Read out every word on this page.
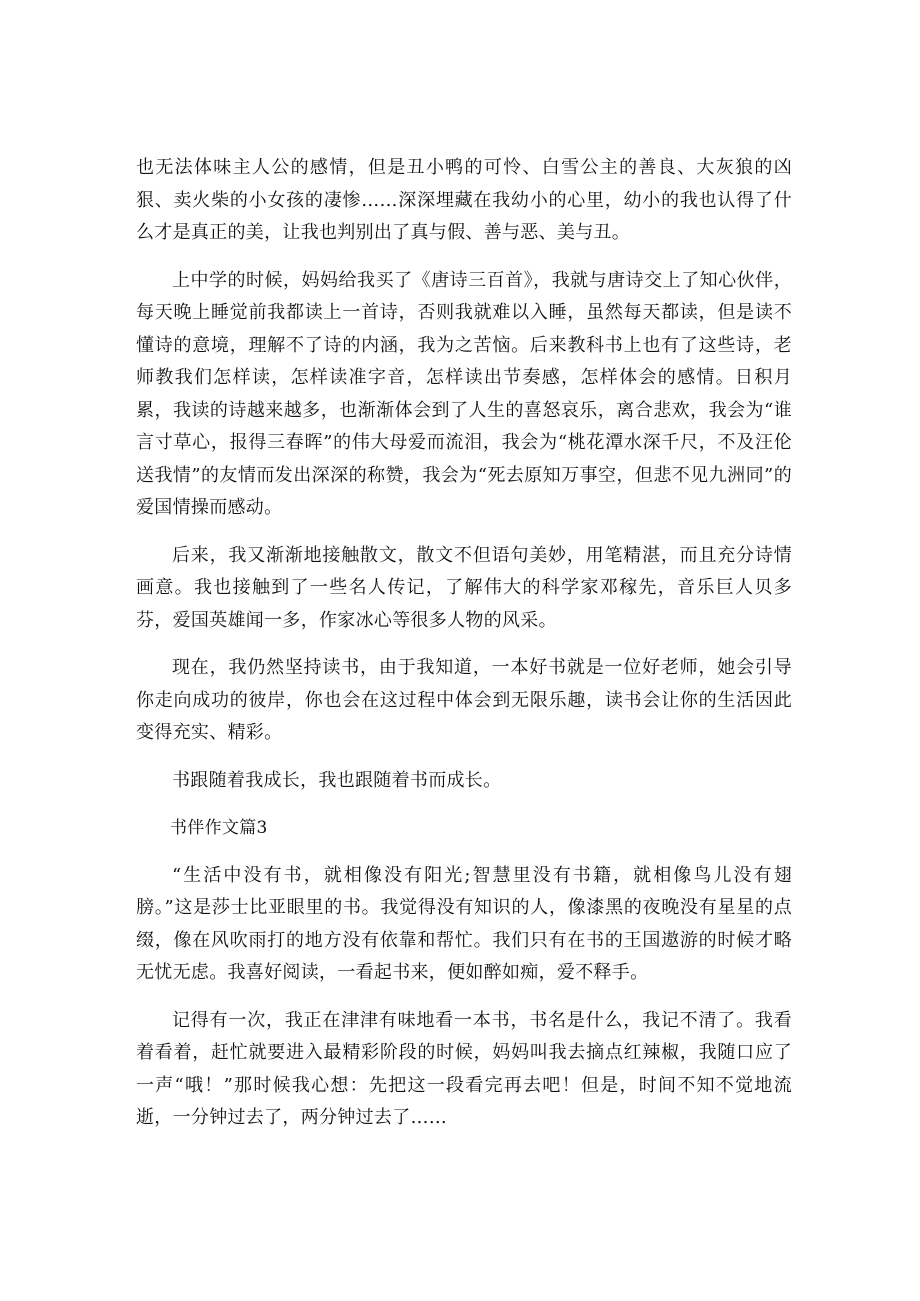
也无法体味主人公的感情，但是丑小鸭的可怜、白雪公主的善良、大灰狼的凶狠、卖火柴的小女孩的凄惨……深深埋藏在我幼小的心里，幼小的我也认得了什么才是真正的美，让我也判别出了真与假、善与恶、美与丑。

上中学的时候，妈妈给我买了《唐诗三百首》，我就与唐诗交上了知心伙伴，每天晚上睡觉前我都读上一首诗，否则我就难以入睡，虽然每天都读，但是读不懂诗的意境，理解不了诗的内涵，我为之苦恼。后来教科书上也有了这些诗，老师教我们怎样读，怎样读准字音，怎样读出节奏感，怎样体会的感情。日积月累，我读的诗越来越多，也渐渐体会到了人生的喜怒哀乐，离合悲欢，我会为“谁言寸草心，报得三春晖”的伟大母爱而流泪，我会为“桃花潭水深千尺，不及汪伦送我情”的友情而发出深深的称赞，我会为“死去原知万事空，但悲不见九洲同”的爱国情操而感动。

后来，我又渐渐地接触散文，散文不但语句美妙，用笔精湛，而且充分诗情画意。我也接触到了一些名人传记，了解伟大的科学家邓稼先，音乐巨人贝多芬，爱国英雄闻一多，作家冰心等很多人物的风采。

现在，我仍然坚持读书，由于我知道，一本好书就是一位好老师，她会引导你走向成功的彼岸，你也会在这过程中体会到无限乐趣，读书会让你的生活因此变得充实、精彩。

书跟随着我成长，我也跟随着书而成长。

书伴作文篇3

“生活中没有书，就相像没有阳光;智慧里没有书籍，就相像鸟儿没有翅膀。”这是莎士比亚眼里的书。我觉得没有知识的人，像漆黑的夜晚没有星星的点缀，像在风吹雨打的地方没有依靠和帮忙。我们只有在书的王国遨游的时候才略无忧无虑。我喜好阅读，一看起书来，便如醉如痴，爱不释手。

记得有一次，我正在津津有味地看一本书，书名是什么，我记不清了。我看着看着，赶忙就要进入最精彩阶段的时候，妈妈叫我去摘点红辣椒，我随口应了一声“哦！”那时候我心想：先把这一段看完再去吧！但是，时间不知不觉地流逝，一分钟过去了，两分钟过去了……
